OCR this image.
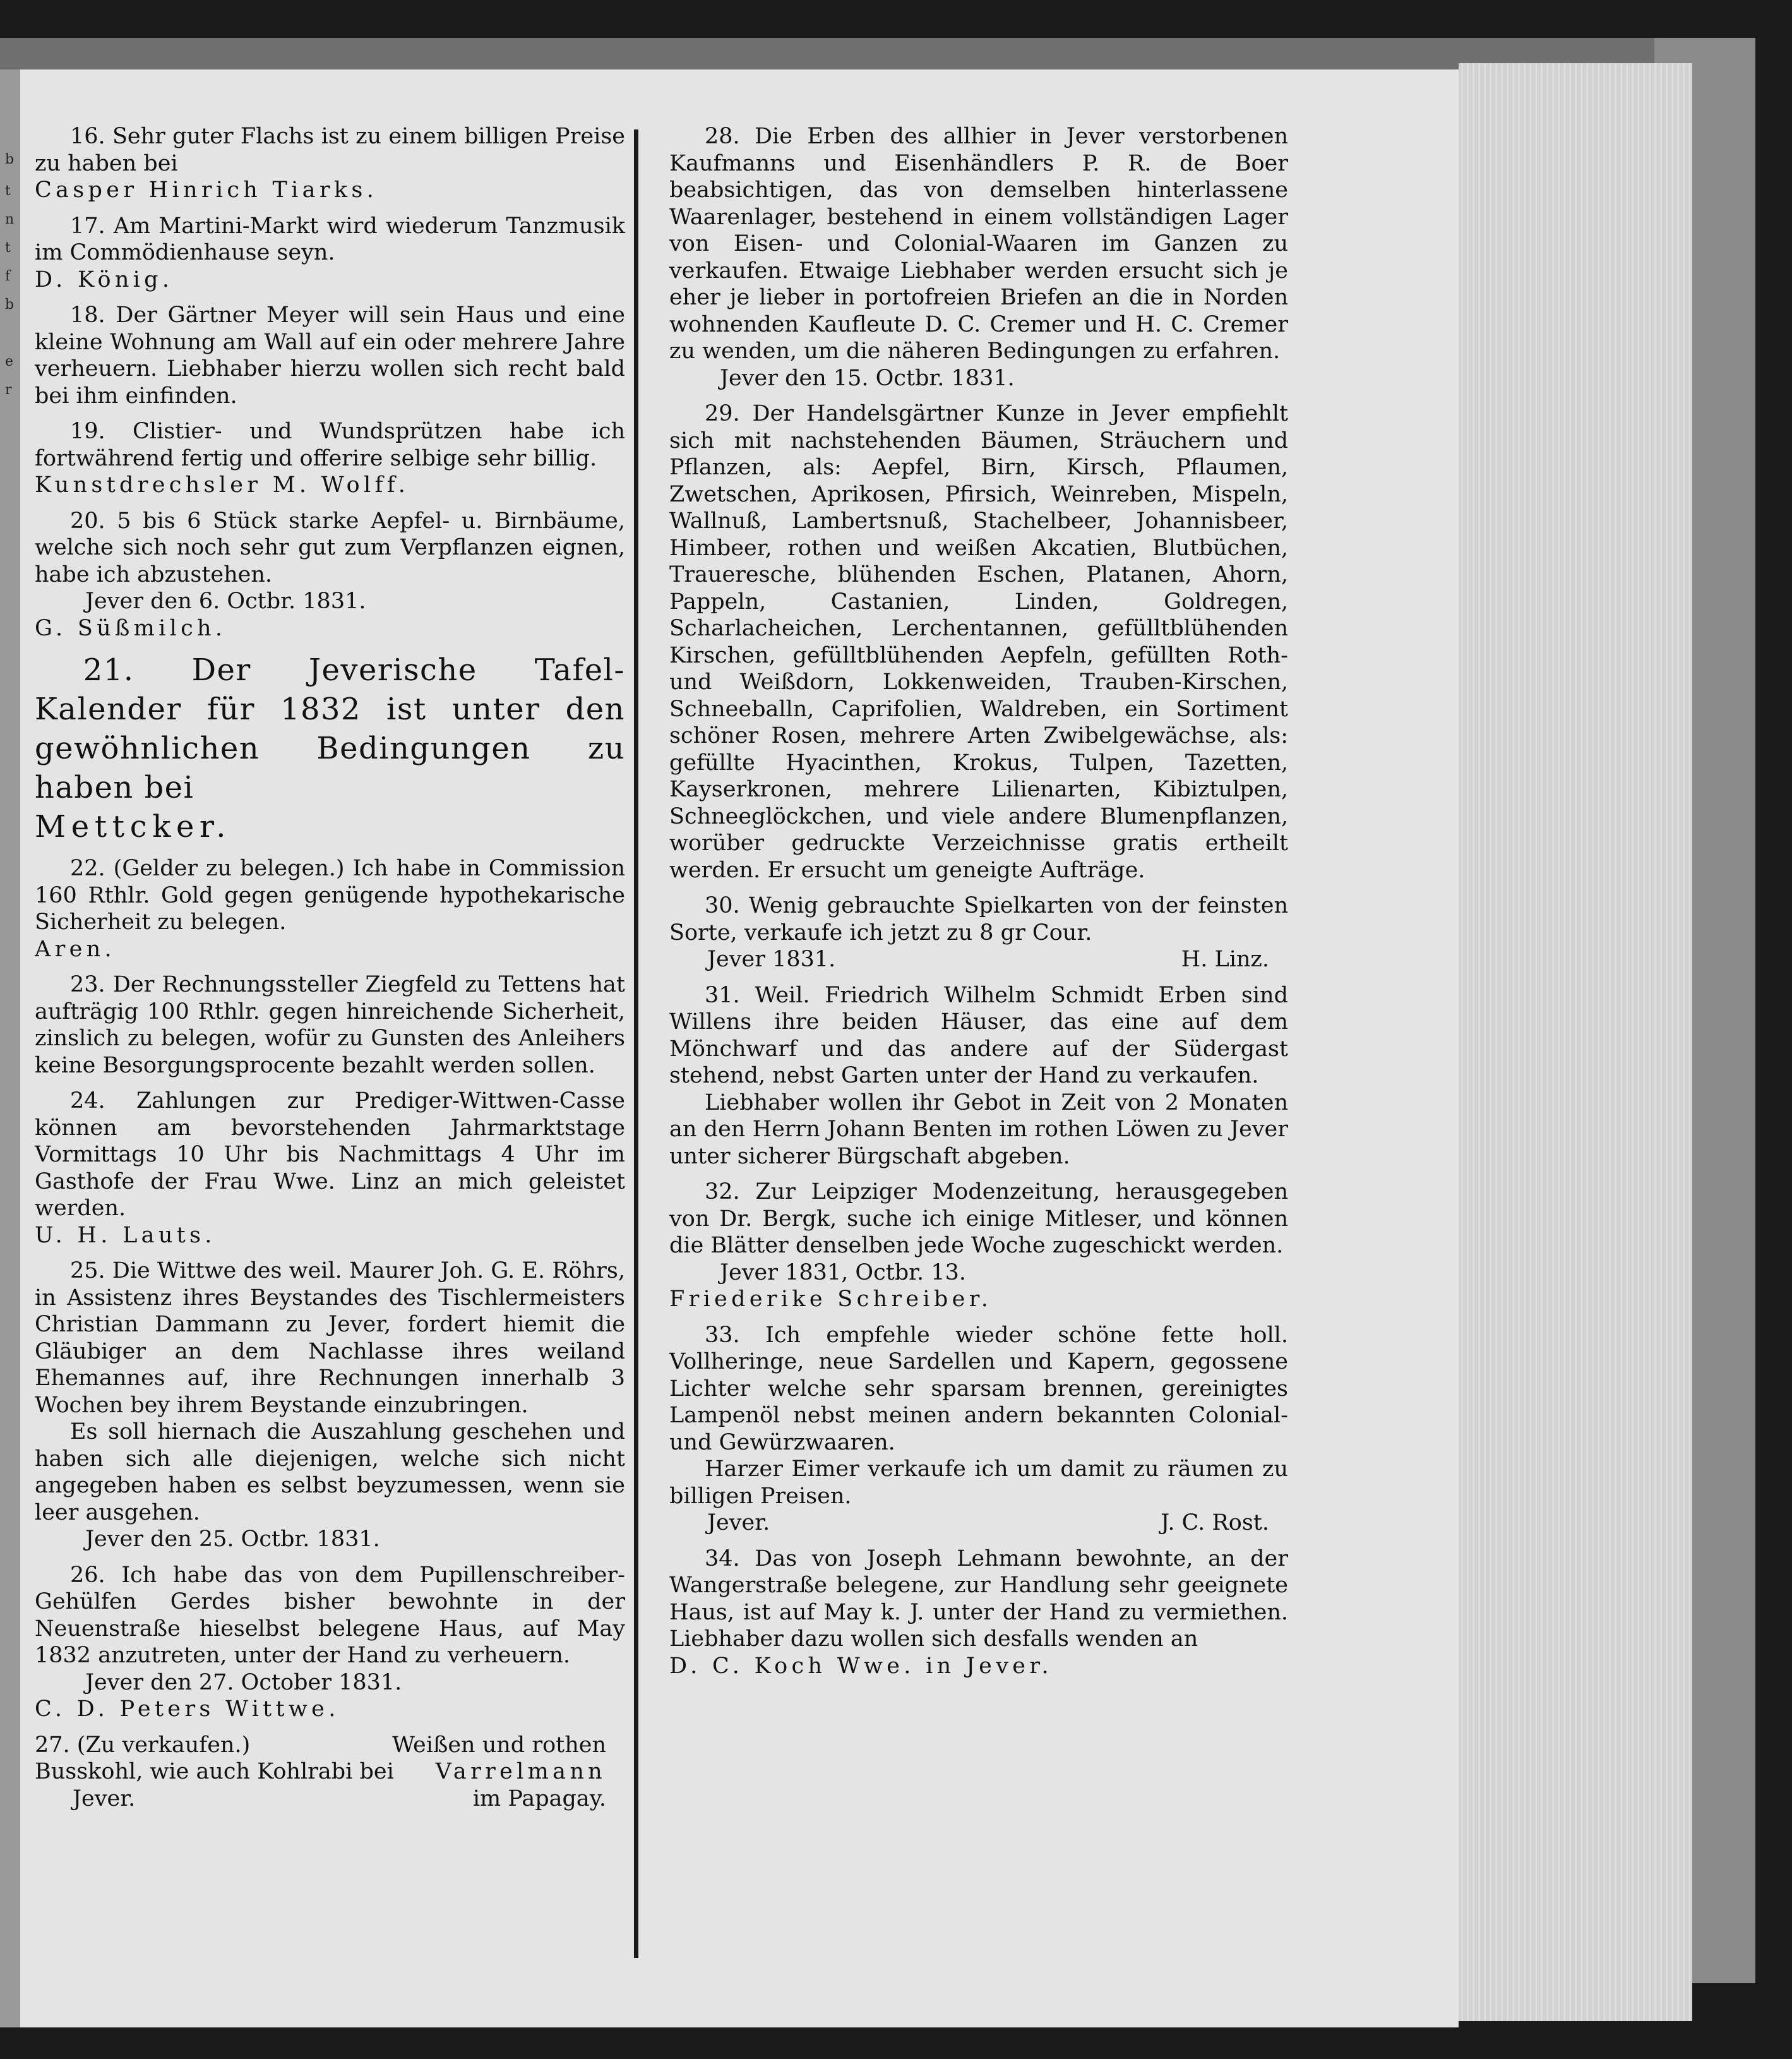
b
t
n
t
f
b
e
r

16. Sehr guter Flachs ist zu einem billigen Preise zu haben bei

Casper Hinrich Tiarks.

17. Am Martini-Markt wird wiederum Tanzmusik im Commödienhause seyn.

D. König.

18. Der Gärtner Meyer will sein Haus und eine kleine Wohnung am Wall auf ein oder mehrere Jahre verheuern. Liebhaber hierzu wollen sich recht bald bei ihm einfinden.

19. Clistier- und Wundsprützen habe ich fortwährend fertig und offerire selbige sehr billig.

Kunstdrechsler M. Wolff.

20. 5 bis 6 Stück starke Aepfel- u. Birnbäume, welche sich noch sehr gut zum Verpflanzen eignen, habe ich abzustehen.

Jever den 6. Octbr. 1831.

G. Süßmilch.

21. Der Jeverische Tafel-Kalender für 1832 ist unter den gewöhnlichen Bedingungen zu haben bei

Mettcker.

22. (Gelder zu belegen.) Ich habe in Commission 160 Rthlr. Gold gegen genügende hypothekarische Sicherheit zu belegen.

Aren.

23. Der Rechnungssteller Ziegfeld zu Tettens hat aufträgig 100 Rthlr. gegen hinreichende Sicherheit, zinslich zu belegen, wofür zu Gunsten des Anleihers keine Besorgungsprocente bezahlt werden sollen.

24. Zahlungen zur Prediger-Wittwen-Casse können am bevorstehenden Jahrmarktstage Vormittags 10 Uhr bis Nachmittags 4 Uhr im Gasthofe der Frau Wwe. Linz an mich geleistet werden.

U. H. Lauts.

25. Die Wittwe des weil. Maurer Joh. G. E. Röhrs, in Assistenz ihres Beystandes des Tischlermeisters Christian Dammann zu Jever, fordert hiemit die Gläubiger an dem Nachlasse ihres weiland Ehemannes auf, ihre Rechnungen innerhalb 3 Wochen bey ihrem Beystande einzubringen.

Es soll hiernach die Auszahlung geschehen und haben sich alle diejenigen, welche sich nicht angegeben haben es selbst beyzumessen, wenn sie leer ausgehen.

Jever den 25. Octbr. 1831.

26. Ich habe das von dem Pupillenschreiber-Gehülfen Gerdes bisher bewohnte in der Neuenstraße hieselbst belegene Haus, auf May 1832 anzutreten, unter der Hand zu verheuern.

Jever den 27. October 1831.

C. D. Peters Wittwe.

27. (Zu verkaufen.)	Weißen und rothen

Busskohl, wie auch Kohlrabi bei Varrelmann

Jever.	im Papagay.

28. Die Erben des allhier in Jever verstorbenen Kaufmanns und Eisenhändlers P. R. de Boer beabsichtigen, das von demselben hinterlassene Waarenlager, bestehend in einem vollständigen Lager von Eisen- und Colonial-Waaren im Ganzen zu verkaufen. Etwaige Liebhaber werden ersucht sich je eher je lieber in portofreien Briefen an die in Norden wohnenden Kaufleute D. C. Cremer und H. C. Cremer zu wenden, um die näheren Bedingungen zu erfahren.

Jever den 15. Octbr. 1831.

29. Der Handelsgärtner Kunze in Jever empfiehlt sich mit nachstehenden Bäumen, Sträuchern und Pflanzen, als: Aepfel, Birn, Kirsch, Pflaumen, Zwetschen, Aprikosen, Pfirsich, Weinreben, Mispeln, Wallnuß, Lambertsnuß, Stachelbeer, Johannisbeer, Himbeer, rothen und weißen Akcatien, Blutbüchen, Traueresche, blühenden Eschen, Platanen, Ahorn, Pappeln, Castanien, Linden, Goldregen, Scharlacheichen, Lerchentannen, gefülltblühenden Kirschen, gefülltblühenden Aepfeln, gefüllten Roth- und Weißdorn, Lokkenweiden, Trauben-Kirschen, Schneeballn, Caprifolien, Waldreben, ein Sortiment schöner Rosen, mehrere Arten Zwibelgewächse, als: gefüllte Hyacinthen, Krokus, Tulpen, Tazetten, Kayserkronen, mehrere Lilienarten, Kibiztulpen, Schneeglöckchen, und viele andere Blumenpflanzen, worüber gedruckte Verzeichnisse gratis ertheilt werden. Er ersucht um geneigte Aufträge.

30. Wenig gebrauchte Spielkarten von der feinsten Sorte, verkaufe ich jetzt zu 8 gr Cour.

Jever 1831.	H. Linz.

31. Weil. Friedrich Wilhelm Schmidt Erben sind Willens ihre beiden Häuser, das eine auf dem Mönchwarf und das andere auf der Südergast stehend, nebst Garten unter der Hand zu verkaufen.

Liebhaber wollen ihr Gebot in Zeit von 2 Monaten an den Herrn Johann Benten im rothen Löwen zu Jever unter sicherer Bürgschaft abgeben.

32. Zur Leipziger Modenzeitung, herausgegeben von Dr. Bergk, suche ich einige Mitleser, und können die Blätter denselben jede Woche zugeschickt werden.

Jever 1831, Octbr. 13.

Friederike Schreiber.

33. Ich empfehle wieder schöne fette holl. Vollheringe, neue Sardellen und Kapern, gegossene Lichter welche sehr sparsam brennen, gereinigtes Lampenöl nebst meinen andern bekannten Colonial- und Gewürzwaaren.

Harzer Eimer verkaufe ich um damit zu räumen zu billigen Preisen.

Jever.	J. C. Rost.

34. Das von Joseph Lehmann bewohnte, an der Wangerstraße belegene, zur Handlung sehr geeignete Haus, ist auf May k. J. unter der Hand zu vermiethen. Liebhaber dazu wollen sich desfalls wenden an

D. C. Koch Wwe. in Jever.
